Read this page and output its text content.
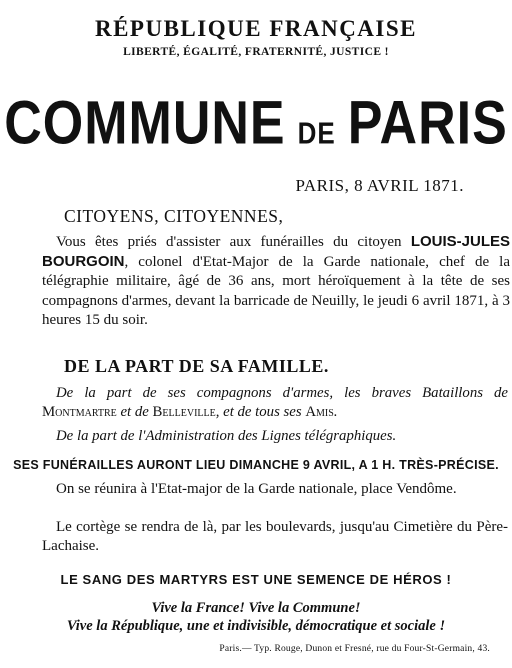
RÉPUBLIQUE FRANÇAISE
LIBERTÉ, ÉGALITÉ, FRATERNITÉ, JUSTICE !
COMMUNE DE PARIS
PARIS, 8 AVRIL 1871.
CITOYENS, CITOYENNES,
Vous êtes priés d'assister aux funérailles du citoyen LOUIS-JULES BOURGOIN, colonel d'Etat-Major de la Garde nationale, chef de la télégraphie militaire, âgé de 36 ans, mort héroïquement à la tête de ses compagnons d'armes, devant la barricade de Neuilly, le jeudi 6 avril 1871, à 3 heures 15 du soir.
DE LA PART DE SA FAMILLE.
De la part de ses compagnons d'armes, les braves Bataillons de Montmartre et de Belleville, et de tous ses Amis.
De la part de l'Administration des Lignes télégraphiques.
SES FUNÉRAILLES AURONT LIEU DIMANCHE 9 AVRIL, A 1 H. TRÈS-PRÉCISE.
On se réunira à l'Etat-major de la Garde nationale, place Vendôme.
Le cortège se rendra de là, par les boulevards, jusqu'au Cimetière du Père-Lachaise.
LE SANG DES MARTYRS EST UNE SEMENCE DE HÉROS !
Vive la France! Vive la Commune!
Vive la République, une et indivisible, démocratique et sociale !
Paris.— Typ. Rouge, Dunon et Fresné, rue du Four-St-Germain, 43.
